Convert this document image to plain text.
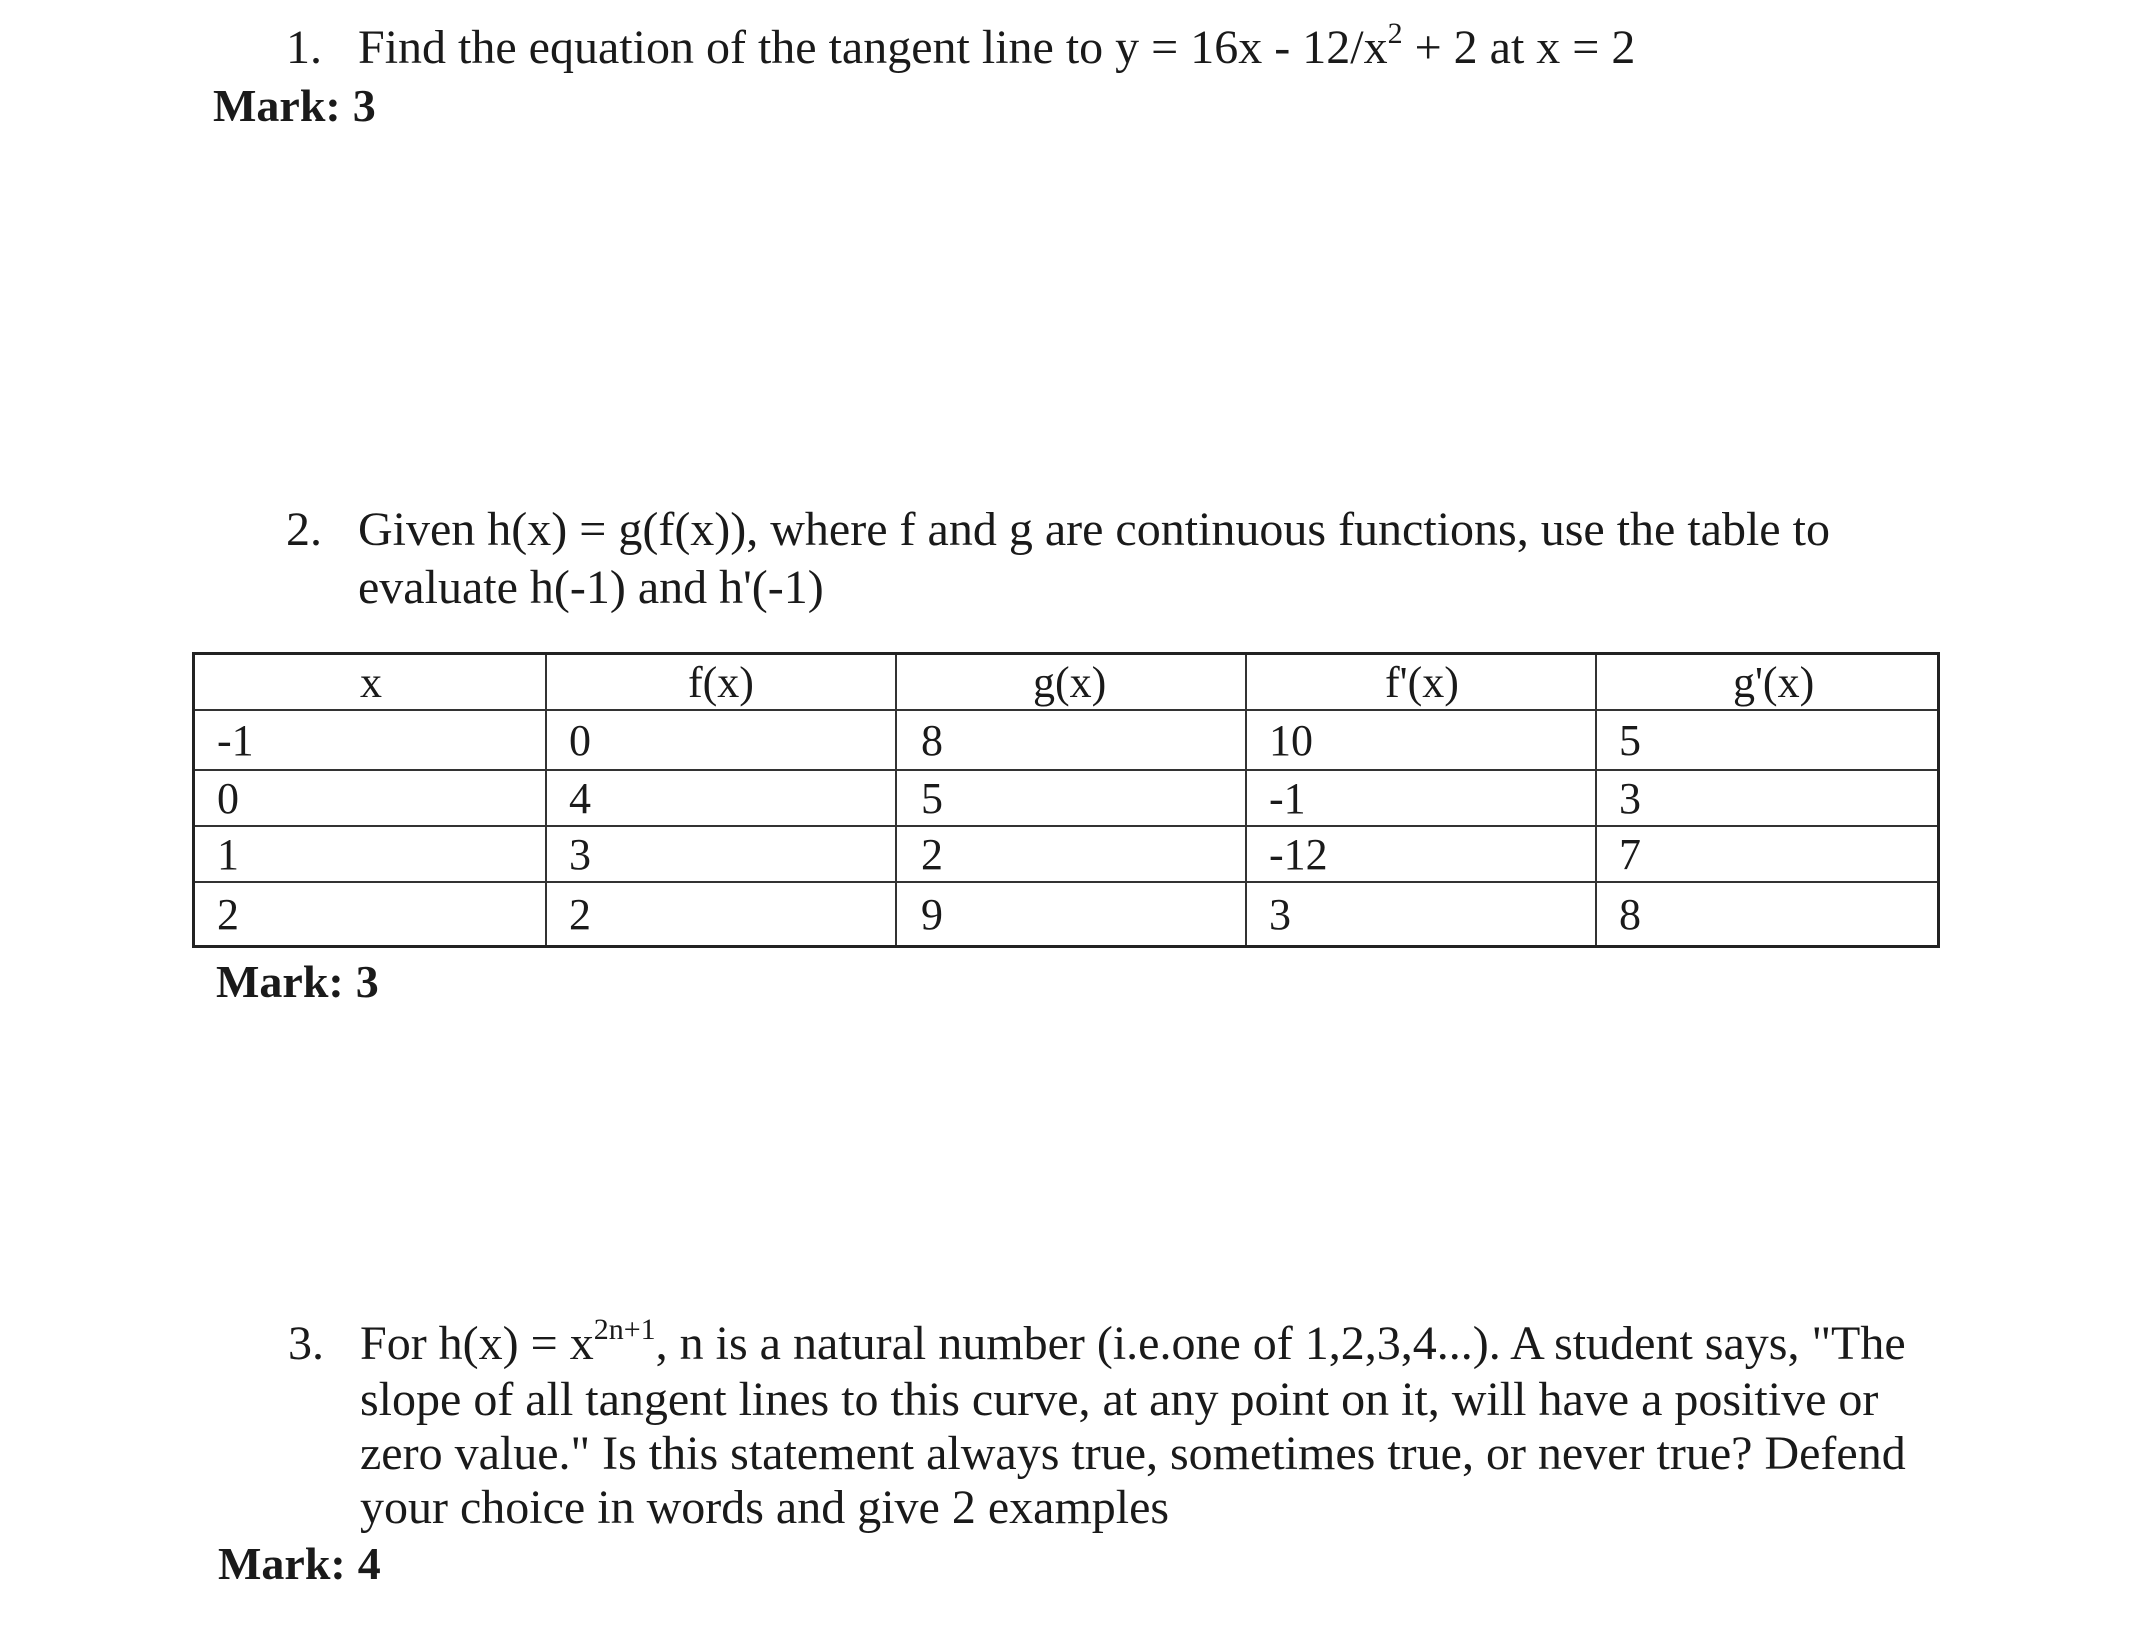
1. Find the equation of the tangent line to $y = 16x - 12/x^2 + 2$ at x = 2
Mark: 3
2. Given h(x) = g(f(x)), where f and g are continuous functions, use the table to
evaluate h(-1) and h'(-1)
x	f(x)	g(x)	f'(x)	g'(x)
-1	0	8	10	5
0	4	5	-1	3
1	3	2	-12	7
2	2	9	3	8
Mark: 3
3. For $h(x) = x^{2n+1}$, n is a natural number (i.e.one of 1,2,3,4...). A student says, "The
slope of all tangent lines to this curve, at any point on it, will have a positive or
zero value." Is this statement always true, sometimes true, or never true? Defend
your choice in words and give 2 examples
Mark: 4
